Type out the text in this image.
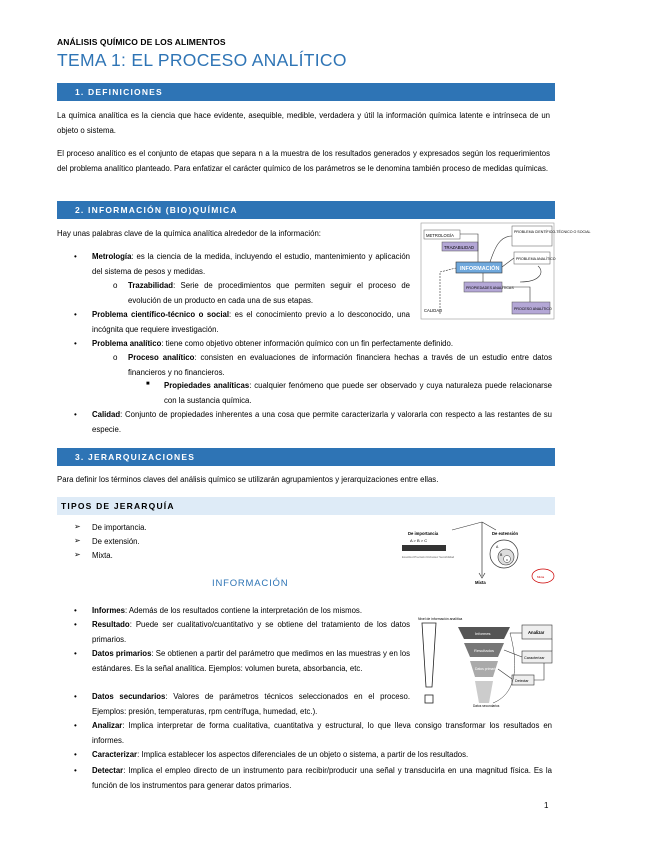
ANÁLISIS QUÍMICO DE LOS ALIMENTOS
TEMA 1: EL PROCESO ANALÍTICO
1. DEFINICIONES
La química analítica es la ciencia que hace evidente, asequible, medible, verdadera y útil la información química latente e intrínseca de un objeto o sistema.
El proceso analítico es el conjunto de etapas que separa n a la muestra de los resultados generados y expresados según los requerimientos del problema analítico planteado. Para enfatizar el carácter químico de los parámetros se le denomina también proceso de medidas químicas.
2. INFORMACIÓN (BIO)QUÍMICA
Hay unas palabras clave de la química analítica alrededor de la información:
• Metrología: es la ciencia de la medida, incluyendo el estudio, mantenimiento y aplicación del sistema de pesos y medidas.
o Trazabilidad: Serie de procedimientos que permiten seguir el proceso de evolución de un producto en cada una de sus etapas.
• Problema científico-técnico o social: es el conocimiento previo a lo desconocido, una incógnita que requiere investigación.
• Problema analítico: tiene como objetivo obtener información químico con un fin perfectamente definido.
o Proceso analítico: consisten en evaluaciones de información financiera hechas a través de un estudio entre datos financieros y no financieros.
■ Propiedades analíticas: cualquier fenómeno que puede ser observado y cuya naturaleza puede relacionarse con la sustancia química.
• Calidad: Conjunto de propiedades inherentes a una cosa que permite caracterizarla y valorarla con respecto a las restantes de su especie.
METROLOGÍA
TRAZABILIDAD
PROBLEMA CIENTÍFICO-TÉCNICO O SOCIAL
INFORMACIÓN
PROBLEMA ANALÍTICO
PROPIEDADES ANALÍTICAS
PROCESO ANALÍTICO
CALIDAD
3. JERARQUIZACIONES
Para definir los términos claves del análisis químico se utilizarán agrupamientos y jerarquizaciones entre ellas.
TIPOS DE JERARQUÍA
➢ De importancia.
➢ De extensión.
➢ Mixta.
De importancia
A > B > C
Exactitud Precisión Robustez Sensibilidad
De extensión
A
B
C
Mixta
Mixta
INFORMACIÓN
• Informes: Además de los resultados contiene la interpretación de los mismos.
• Resultado: Puede ser cualitativo/cuantitativo y se obtiene del tratamiento de los datos primarios.
• Datos primarios: Se obtienen a partir del parámetro que medimos en las muestras y en los estándares. Es la señal analítica. Ejemplos: volumen bureta, absorbancia, etc.
• Datos secundarios: Valores de parámetros técnicos seleccionados en el proceso. Ejemplos: presión, temperaturas, rpm centrífuga, humedad, etc.).
• Analizar: Implica interpretar de forma cualitativa, cuantitativa y estructural, lo que lleva consigo transformar los resultados en informes.
• Caracterizar: Implica establecer los aspectos diferenciales de un objeto o sistema, a partir de los resultados.
• Detectar: Implica el empleo directo de un instrumento para recibir/producir una señal y transducirla en una magnitud física. Es la función de los instrumentos para generar datos primarios.
Nivel de información analítica
Informes
Resultados
Datos primarios
Datos secundarios
Analizar
Caracterizar
Detectar
1
